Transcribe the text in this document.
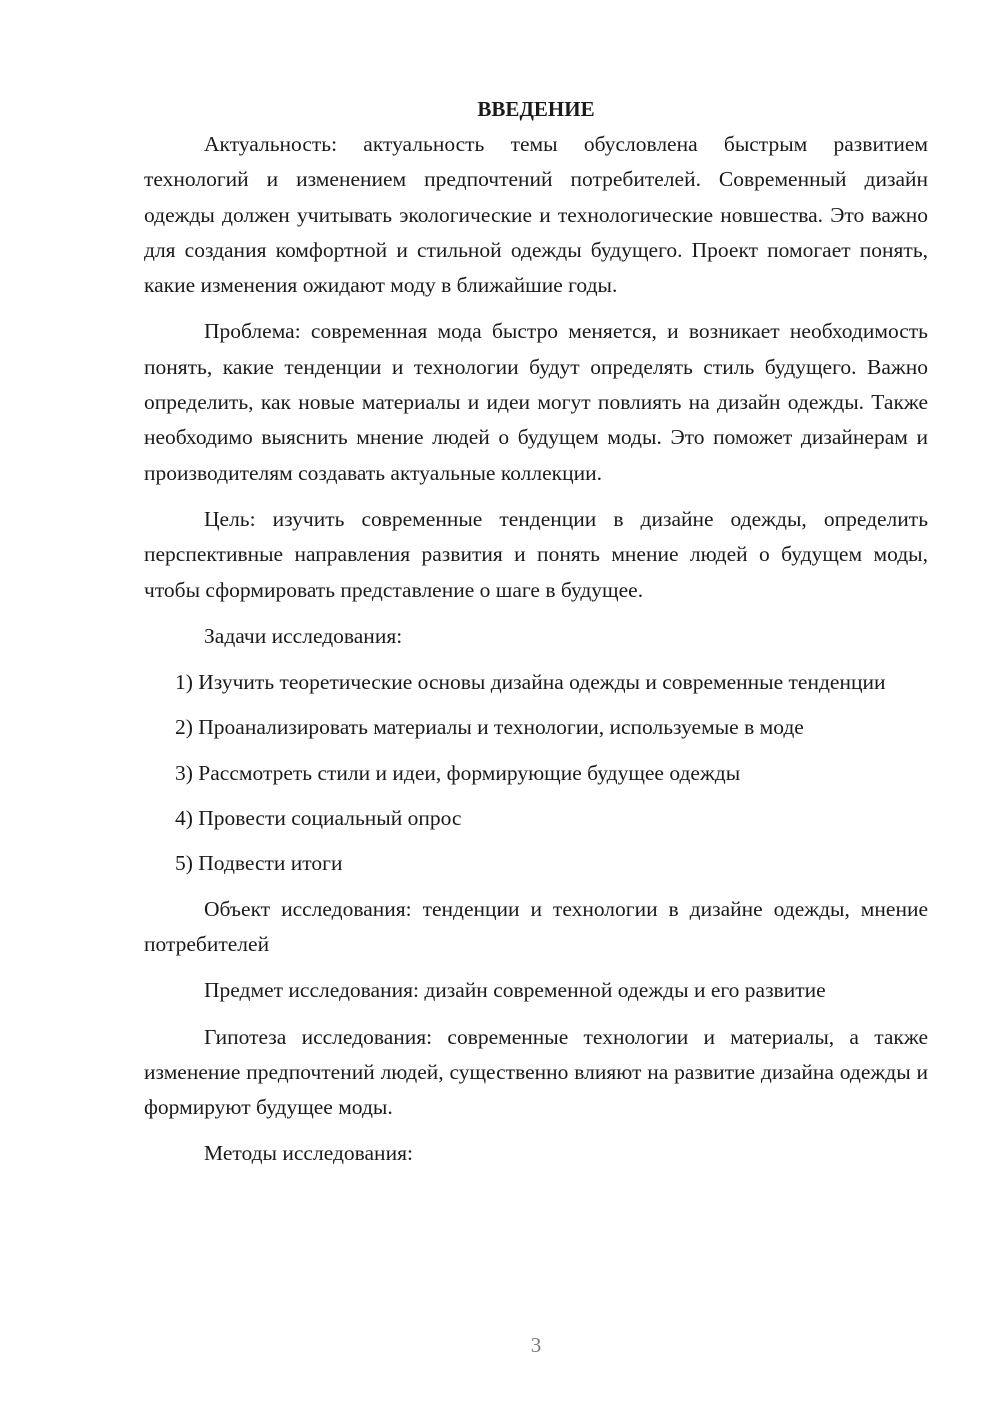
ВВЕДЕНИЕ

Актуальность: актуальность темы обусловлена быстрым развитием технологий и изменением предпочтений потребителей. Современный дизайн одежды должен учитывать экологические и технологические новшества. Это важно для создания комфортной и стильной одежды будущего. Проект помогает понять, какие изменения ожидают моду в ближайшие годы.

Проблема: современная мода быстро меняется, и возникает необходимость понять, какие тенденции и технологии будут определять стиль будущего. Важно определить, как новые материалы и идеи могут повлиять на дизайн одежды. Также необходимо выяснить мнение людей о будущем моды. Это поможет дизайнерам и производителям создавать актуальные коллекции.

Цель: изучить современные тенденции в дизайне одежды, определить перспективные направления развития и понять мнение людей о будущем моды, чтобы сформировать представление о шаге в будущее.

Задачи исследования:

1) Изучить теоретические основы дизайна одежды и современные тенденции

2) Проанализировать материалы и технологии, используемые в моде

3) Рассмотреть стили и идеи, формирующие будущее одежды

4) Провести социальный опрос

5) Подвести итоги

Объект исследования: тенденции и технологии в дизайне одежды, мнение потребителей

Предмет исследования: дизайн современной одежды и его развитие

Гипотеза исследования: современные технологии и материалы, а также изменение предпочтений людей, существенно влияют на развитие дизайна одежды и формируют будущее моды.

Методы исследования:

3
